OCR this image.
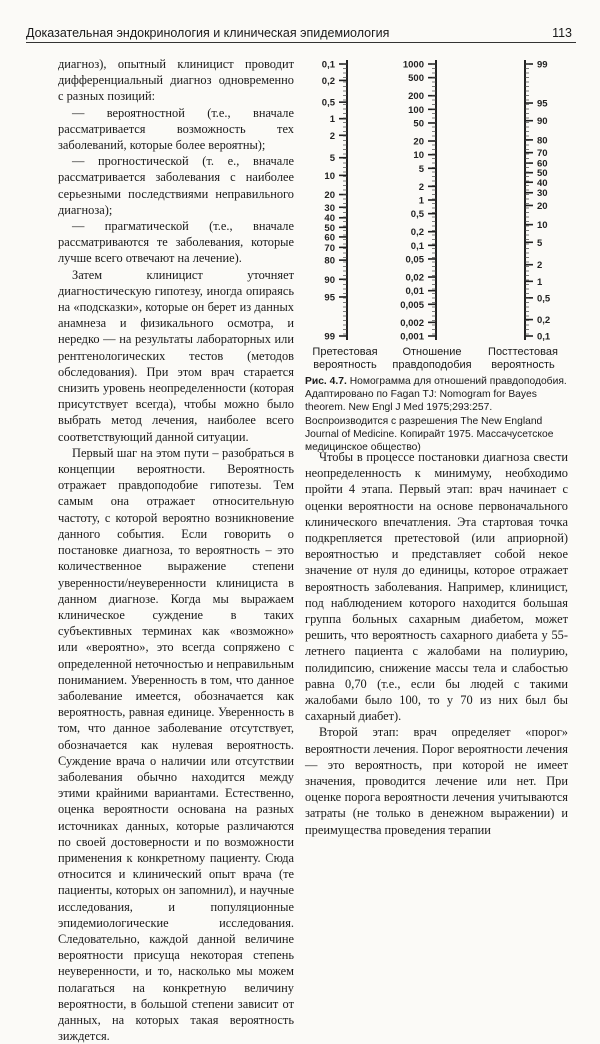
Доказательная эндокринология и клиническая эпидемиология	113

диагноз), опытный клиницист проводит дифференциальный диагноз одновременно с разных позиций:

— вероятностной (т.е., вначале рассматривается возможность тех заболеваний, которые более вероятны);

— прогностической (т. е., вначале рассматривается заболевания с наиболее серьезными последствиями неправильного диагноза);

— прагматической (т.е., вначале рассматриваются те заболевания, которые лучше всего отвечают на лечение).

Затем клиницист уточняет диагностическую гипотезу, иногда опираясь на «подсказки», которые он берет из данных анамнеза и физикального осмотра, и нередко — на результаты лабораторных или рентгенологических тестов (методов обследования). При этом врач старается снизить уровень неопределенности (которая присутствует всегда), чтобы можно было выбрать метод лечения, наиболее всего соответствующий данной ситуации.

Первый шаг на этом пути – разобраться в концепции вероятности. Вероятность отражает правдоподобие гипотезы. Тем самым она отражает относительную частоту, с которой вероятно возникновение данного события. Если говорить о постановке диагноза, то вероятность – это количественное выражение степени уверенности/неуверенности клинициста в данном диагнозе. Когда мы выражаем клиническое суждение в таких субъективных терминах как «возможно» или «вероятно», это всегда сопряжено с определенной неточностью и неправильным пониманием. Уверенность в том, что данное заболевание имеется, обозначается как вероятность, равная единице. Уверенность в том, что данное заболевание отсутствует, обозначается как нулевая вероятность. Суждение врача о наличии или отсутствии заболевания обычно находится между этими крайними вариантами. Естественно, оценка вероятности основана на разных источниках данных, которые различаются по своей достоверности и по возможности применения к конкретному пациенту. Сюда относится и клинический опыт врача (те пациенты, которых он запомнил), и научные исследования, и популяционные эпидемиологические исследования. Следовательно, каждой данной величине вероятности присуща некоторая степень неуверенности, и то, насколько мы можем полагаться на конкретную величину вероятности, в большой степени зависит от данных, на которых такая вероятность зиждется.

0,1
0,2
0,5
1
2
5
10
20
30
40
50
60
70
80
90
95
99
1000
500
200
100
50
20
10
5
2
1
0,5
0,2
0,1
0,05
0,02
0,01
0,005
0,002
0,001
99
95
90
80
70
60
50
40
30
20
10
5
2
1
0,5
0,2
0,1
Претестовая вероятность
Отношение правдоподобия
Посттестовая вероятность
Рис. 4.7. Номограмма для отношений правдоподобия. Адаптировано по Fagan TJ: Nomogram for Bayes theorem. New Engl J Med 1975;293:257. Воспроизводится с разрешения The New England Journal of Medicine. Копирайт 1975. Массачусетское медицинское общество)

Чтобы в процессе постановки диагноза свести неопределенность к минимуму, необходимо пройти 4 этапа. Первый этап: врач начинает с оценки вероятности на основе первоначального клинического впечатления. Эта стартовая точка подкрепляется претестовой (или априорной) вероятностью и представляет собой некое значение от нуля до единицы, которое отражает вероятность заболевания. Например, клиницист, под наблюдением которого находится большая группа больных сахарным диабетом, может решить, что вероятность сахарного диабета у 55-летнего пациента с жалобами на полиурию, полидипсию, снижение массы тела и слабостью равна 0,70 (т.е., если бы людей с такими жалобами было 100, то у 70 из них был бы сахарный диабет).

Второй этап: врач определяет «порог» вероятности лечения. Порог вероятности лечения — это вероятность, при которой не имеет значения, проводится лечение или нет. При оценке порога вероятности лечения учитываются затраты (не только в денежном выражении) и преимущества проведения терапии
